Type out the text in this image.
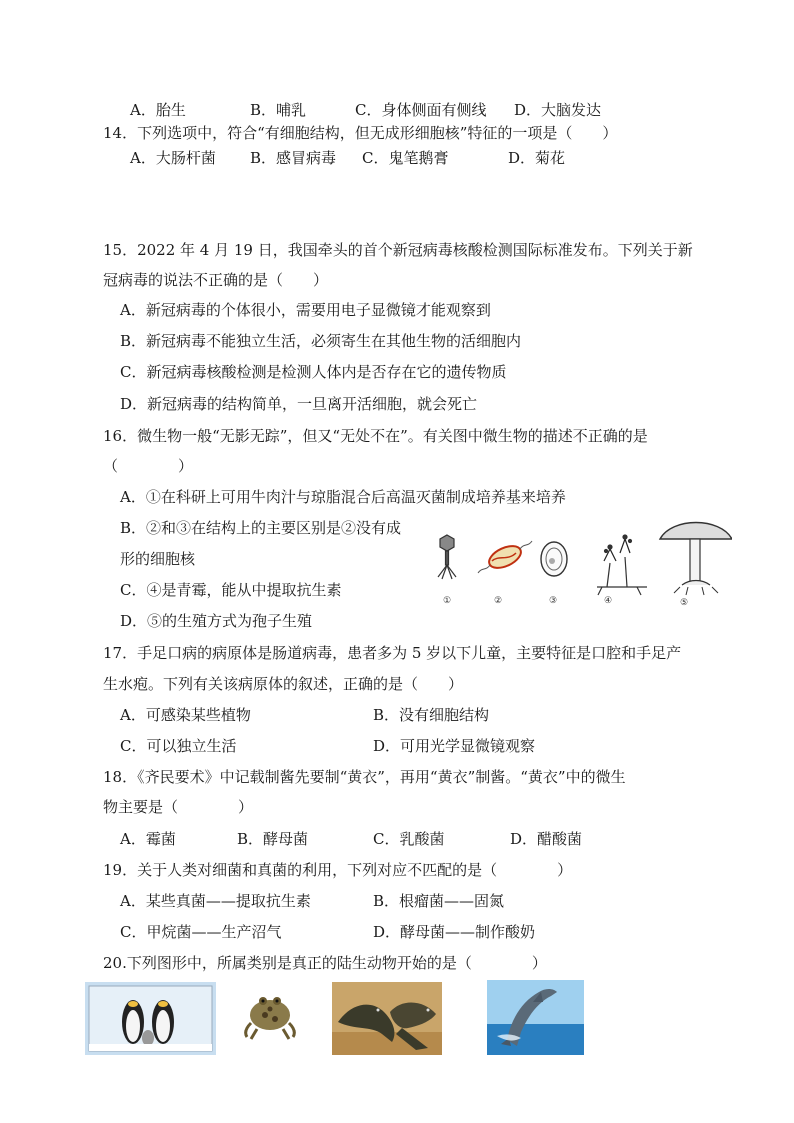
A．胎生	B．哺乳	C．身体侧面有侧线 D．大脑发达
14．下列选项中，符合“有细胞结构，但无成形细胞核”特征的一项是（　　）
A．大肠杆菌 B．感冒病毒 C．鬼笔鹅膏	D．菊花
15．2022 年 4 月 19 日，我国牵头的首个新冠病毒核酸检测国际标准发布。下列关于新
冠病毒的说法不正确的是（　　）
A．新冠病毒的个体很小，需要用电子显微镜才能观察到
B．新冠病毒不能独立生活，必须寄生在其他生物的活细胞内
C．新冠病毒核酸检测是检测人体内是否存在它的遗传物质
D．新冠病毒的结构简单，一旦离开活细胞，就会死亡
16．微生物一般“无影无踪”，但又“无处不在”。有关图中微生物的描述不正确的是
（　　　　）
A．①在科研上可用牛肉汁与琼脂混合后高温灭菌制成培养基来培养
B．②和③在结构上的主要区别是②没有成
形的细胞核
C．④是青霉，能从中提取抗生素
D．⑤的生殖方式为孢子生殖
①	②	③	④	⑤
17．手足口病的病原体是肠道病毒，患者多为 5 岁以下儿童，主要特征是口腔和手足产
生水疱。下列有关该病原体的叙述，正确的是（　　）
A．可感染某些植物	B．没有细胞结构
C．可以独立生活	D．可用光学显微镜观察
18．《齐民要术》中记载制酱先要制“黄衣”，再用“黄衣”制酱。“黄衣”中的微生
物主要是（　　　　）
A．霉菌	B．酵母菌	C．乳酸菌	D．醋酸菌
19．关于人类对细菌和真菌的利用，下列对应不匹配的是（　　　　）
A．某些真菌——提取抗生素	B．根瘤菌——固氮
C．甲烷菌——生产沼气	D．酵母菌——制作酸奶
20.下列图形中，所属类别是真正的陆生动物开始的是（　　　　）
